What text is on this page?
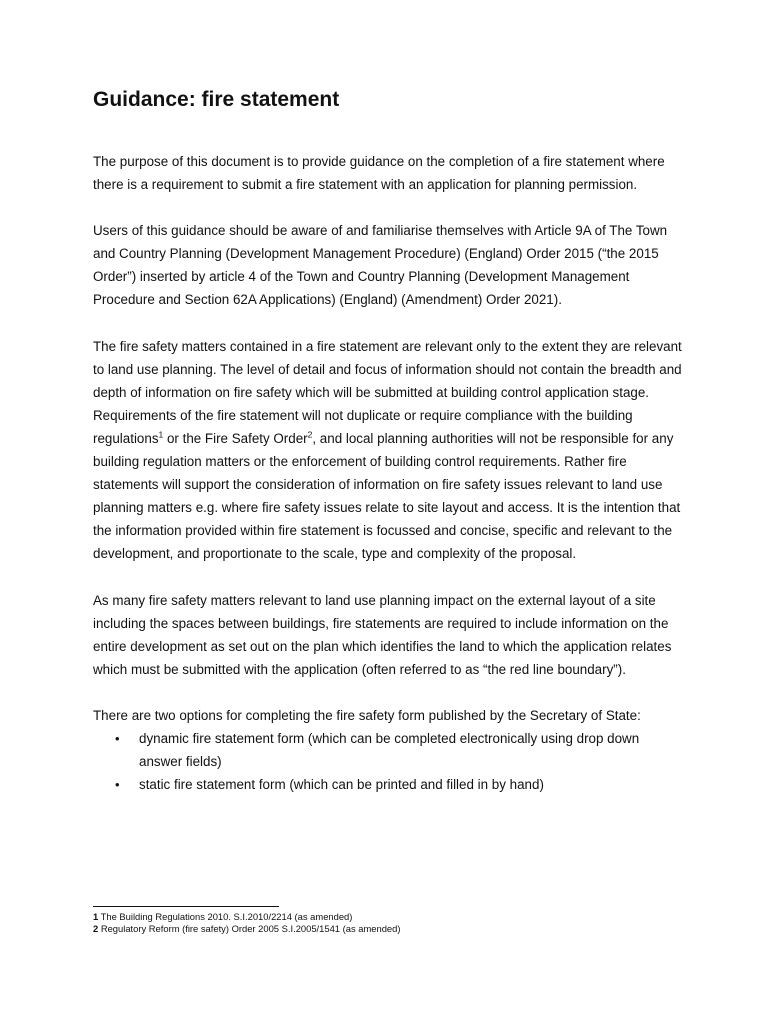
Guidance: fire statement

The purpose of this document is to provide guidance on the completion of a fire statement where there is a requirement to submit a fire statement with an application for planning permission.

Users of this guidance should be aware of and familiarise themselves with Article 9A of The Town and Country Planning (Development Management Procedure) (England) Order 2015 (“the 2015 Order”) inserted by article 4 of the Town and Country Planning (Development Management Procedure and Section 62A Applications) (England) (Amendment) Order 2021).

The fire safety matters contained in a fire statement are relevant only to the extent they are relevant to land use planning. The level of detail and focus of information should not contain the breadth and depth of information on fire safety which will be submitted at building control application stage. Requirements of the fire statement will not duplicate or require compliance with the building regulations$^1$ or the Fire Safety Order$^2$, and local planning authorities will not be responsible for any building regulation matters or the enforcement of building control requirements. Rather fire statements will support the consideration of information on fire safety issues relevant to land use planning matters e.g. where fire safety issues relate to site layout and access. It is the intention that the information provided within fire statement is focussed and concise, specific and relevant to the development, and proportionate to the scale, type and complexity of the proposal.

As many fire safety matters relevant to land use planning impact on the external layout of a site including the spaces between buildings, fire statements are required to include information on the entire development as set out on the plan which identifies the land to which the application relates which must be submitted with the application (often referred to as “the red line boundary”).

There are two options for completing the fire safety form published by the Secretary of State:

• dynamic fire statement form (which can be completed electronically using drop down answer fields)
• static fire statement form (which can be printed and filled in by hand)
1 The Building Regulations 2010. S.I.2010/2214 (as amended)
2 Regulatory Reform (fire safety) Order 2005 S.I.2005/1541 (as amended)
